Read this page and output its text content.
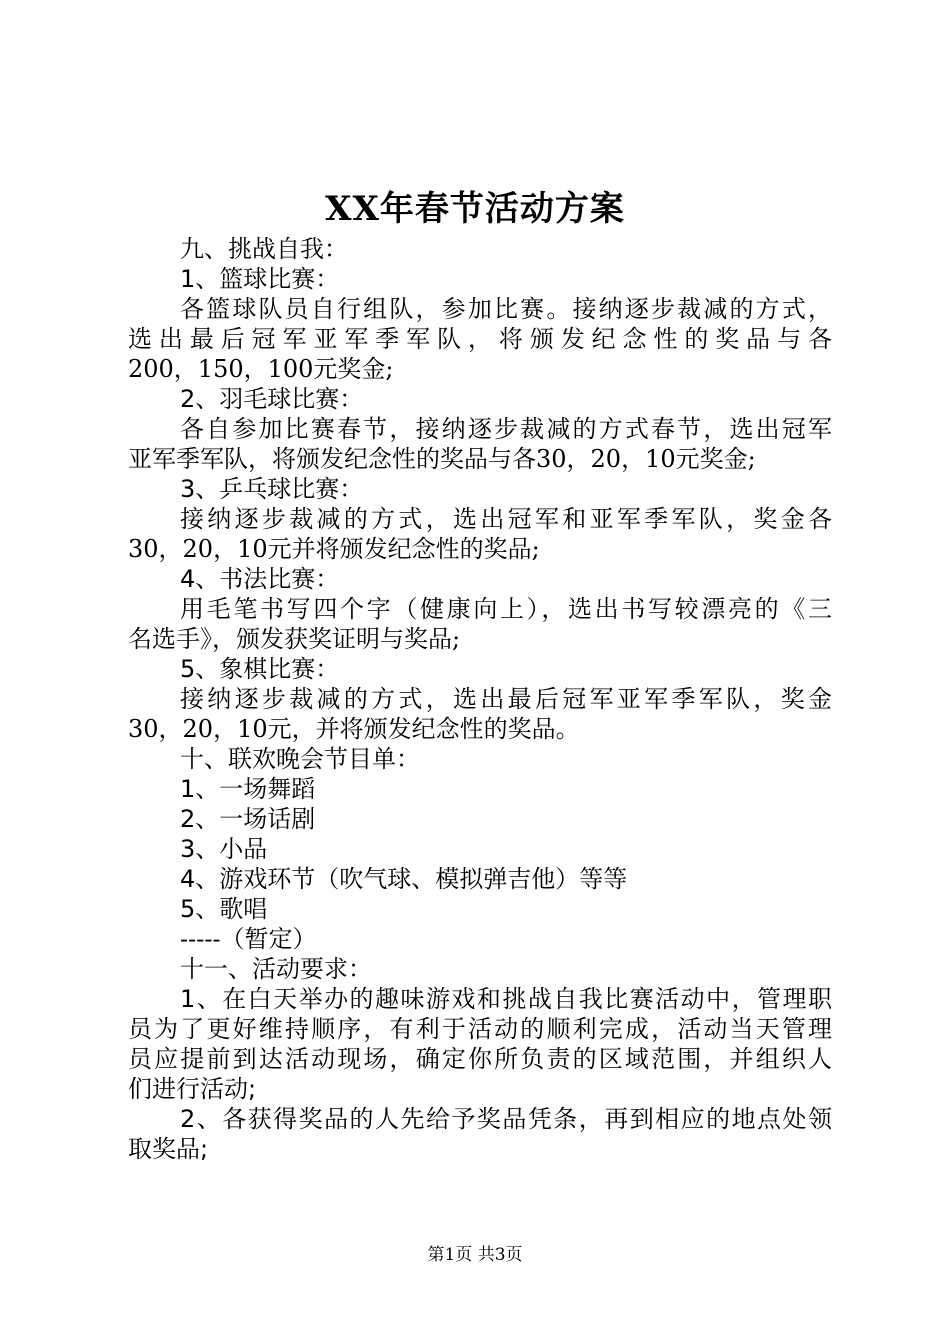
XX年春节活动方案
九、挑战自我：
1、篮球比赛：
各篮球队员自行组队，参加比赛。接纳逐步裁减的方式，
选出最后冠军亚军季军队，将颁发纪念性的奖品与各
200，150，100元奖金;
2、羽毛球比赛：
各自参加比赛春节，接纳逐步裁减的方式春节，选出冠军
亚军季军队，将颁发纪念性的奖品与各30，20，10元奖金;
3、乒乓球比赛：
接纳逐步裁减的方式，选出冠军和亚军季军队，奖金各
30，20，10元并将颁发纪念性的奖品;
4、书法比赛：
用毛笔书写四个字（健康向上），选出书写较漂亮的《三
名选手》，颁发获奖证明与奖品;
5、象棋比赛：
接纳逐步裁减的方式，选出最后冠军亚军季军队，奖金
30，20，10元，并将颁发纪念性的奖品。
十、联欢晚会节目单：
1、一场舞蹈
2、一场话剧
3、小品
4、游戏环节（吹气球、模拟弹吉他）等等
5、歌唱
-----（暂定）
十一、活动要求：
1、在白天举办的趣味游戏和挑战自我比赛活动中，管理职
员为了更好维持顺序，有利于活动的顺利完成，活动当天管理
员应提前到达活动现场，确定你所负责的区域范围，并组织人
们进行活动;
2、各获得奖品的人先给予奖品凭条，再到相应的地点处领
取奖品;
第1页 共3页
